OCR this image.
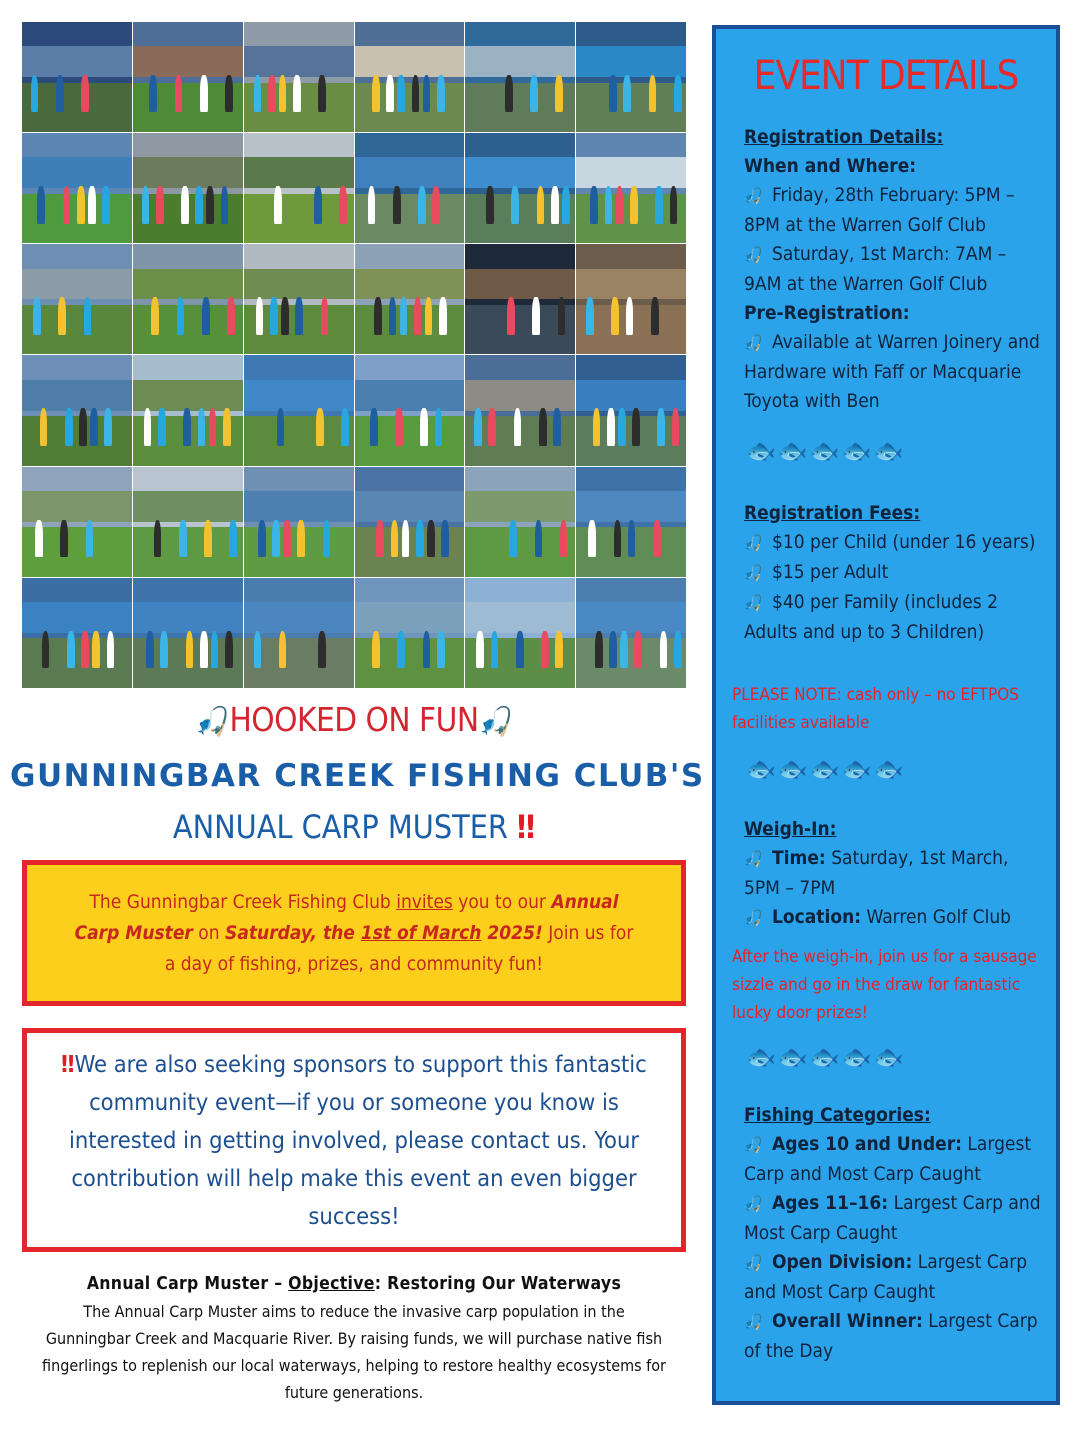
🎣HOOKED ON FUN🎣
GUNNINGBAR CREEK FISHING CLUB'S
ANNUAL CARP MUSTER ‼

The Gunningbar Creek Fishing Club invites you to our Annual Carp Muster on Saturday, the 1st of March 2025! Join us for a day of fishing, prizes, and community fun!

‼We are also seeking sponsors to support this fantastic community event—if you or someone you know is interested in getting involved, please contact us. Your contribution will help make this event an even bigger success!

Annual Carp Muster – Objective: Restoring Our Waterways
The Annual Carp Muster aims to reduce the invasive carp population in the Gunningbar Creek and Macquarie River. By raising funds, we will purchase native fish fingerlings to replenish our local waterways, helping to restore healthy ecosystems for future generations.
EVENT DETAILS
Registration Details:
When and Where:
🎣 Friday, 28th February: 5PM – 8PM at the Warren Golf Club
🎣 Saturday, 1st March: 7AM – 9AM at the Warren Golf Club
Pre-Registration:
🎣 Available at Warren Joinery and Hardware with Faff or Macquarie Toyota with Ben
🐟🐟🐟🐟🐟
Registration Fees:
🎣 $10 per Child (under 16 years)
🎣 $15 per Adult
🎣 $40 per Family (includes 2 Adults and up to 3 Children)
PLEASE NOTE: cash only – no EFTPOS facilities available
🐟🐟🐟🐟🐟
Weigh-In:
🎣 Time: Saturday, 1st March, 5PM – 7PM
🎣 Location: Warren Golf Club
After the weigh-in, join us for a sausage sizzle and go in the draw for fantastic lucky door prizes!
🐟🐟🐟🐟🐟
Fishing Categories:
🎣 Ages 10 and Under: Largest Carp and Most Carp Caught
🎣 Ages 11–16: Largest Carp and Most Carp Caught
🎣 Open Division: Largest Carp and Most Carp Caught
🎣 Overall Winner: Largest Carp of the Day
